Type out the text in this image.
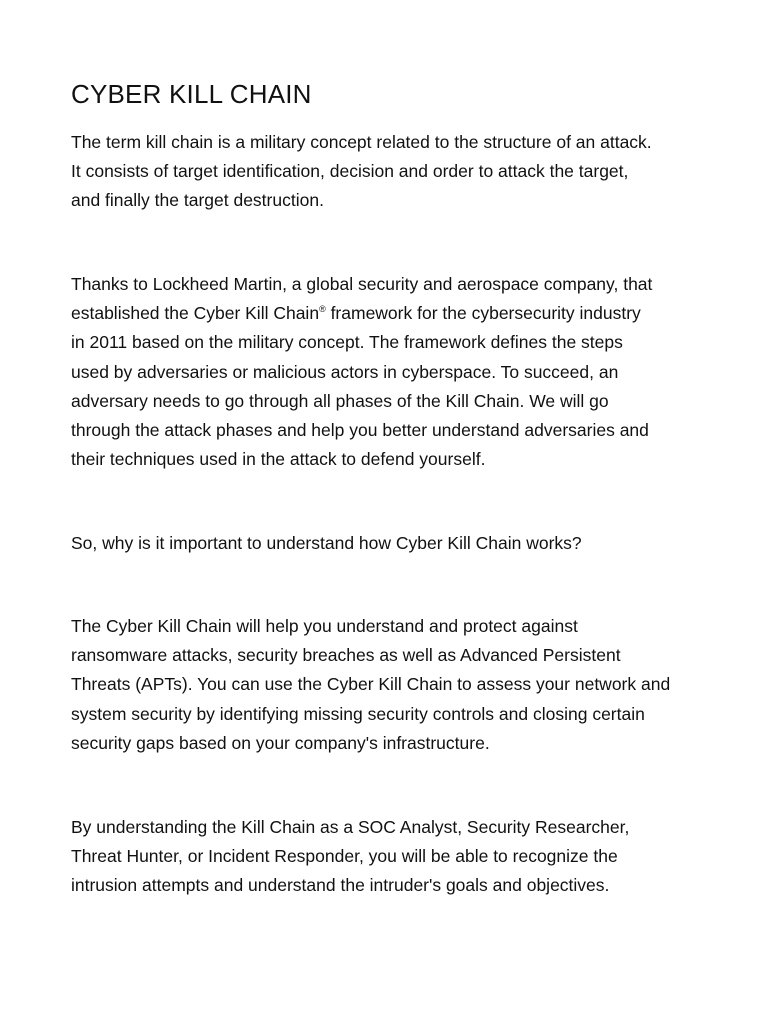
CYBER KILL CHAIN

The term kill chain is a military concept related to the structure of an attack.
It consists of target identification, decision and order to attack the target,
and finally the target destruction.

Thanks to Lockheed Martin, a global security and aerospace company, that
established the Cyber Kill Chain® framework for the cybersecurity industry
in 2011 based on the military concept. The framework defines the steps
used by adversaries or malicious actors in cyberspace. To succeed, an
adversary needs to go through all phases of the Kill Chain. We will go
through the attack phases and help you better understand adversaries and
their techniques used in the attack to defend yourself.

So, why is it important to understand how Cyber Kill Chain works?

The Cyber Kill Chain will help you understand and protect against
ransomware attacks, security breaches as well as Advanced Persistent
Threats (APTs). You can use the Cyber Kill Chain to assess your network and
system security by identifying missing security controls and closing certain
security gaps based on your company's infrastructure.

By understanding the Kill Chain as a SOC Analyst, Security Researcher,
Threat Hunter, or Incident Responder, you will be able to recognize the
intrusion attempts and understand the intruder's goals and objectives.
